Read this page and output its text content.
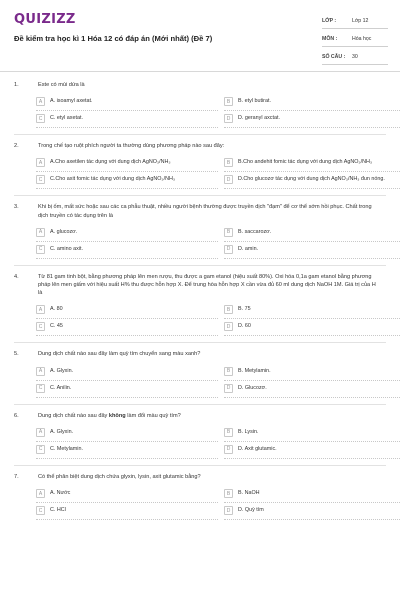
QUIZIZZ
Đề kiểm tra học kì 1 Hóa 12 có đáp án (Mới nhất) (Đề 7)
LỚP :	Lớp 12
MÔN :	Hóa học
SỐ CÂU :	30
1.	Este có mùi dứa là
A	A. isoamyl axetat.	B	B. etyl butirat.
C	C. etyl axetat.	D	D. geranyl axctat.
2.	Trong chế tạo ruột phích người ta thường dùng phương pháp nào sau đây:
A	A.Cho axetilen tác dụng với dung dịch AgNO₃/NH₃	B	B.Cho andehit fomic tác dụng với dung dịch AgNO₃/NH₃
C	C.Cho axit fomic tác dụng với dung dịch AgNO₃/NH₃	D	D.Cho glucozơ tác dụng với dung dịch AgNO₃/NH₃ đun nóng.
3.	Khi bị ốm, mất sức hoặc sau các ca phẫu thuật, nhiều người bệnh thường được truyền dịch "đạm" để cơ thể sớm hồi phục. Chất trong dịch truyền có tác dụng trên là
A	A. glucozơ.	B	B. saccarozơ.
C	C. amino axit.	D	D. amin.
4.	Từ 81 gam tinh bột, bằng phương pháp lên men rượu, thu được a gam etanol (hiệu suất 80%). Oxi hóa 0,1a gam etanol bằng phương pháp lên men giấm với hiệu suất H% thu được hỗn hợp X. Để trung hòa hỗn hợp X cần vừa đủ 60 ml dung dịch NaOH 1M. Giá trị của H là
A	A. 80	B	B. 75
C	C. 45	D	D. 60
5.	Dung dịch chất nào sau đây làm quỳ tím chuyển sang màu xanh?
A	A. Glyxin.	B	B. Metylamin.
C	C. Anilin.	D	D. Glucozơ.
6.	Dung dịch chất nào sau đây không làm đổi màu quỳ tím?
A	A. Glyxin.	B	B. Lysin.
C	C. Metylamin.	D	D. Axit glutamic.
7.	Có thể phân biệt dung dịch chứa glyxin, lysin, axit glutamic bằng?
A	A. Nước	B	B. NaOH
C	C. HCl	D	D. Quỳ tím
